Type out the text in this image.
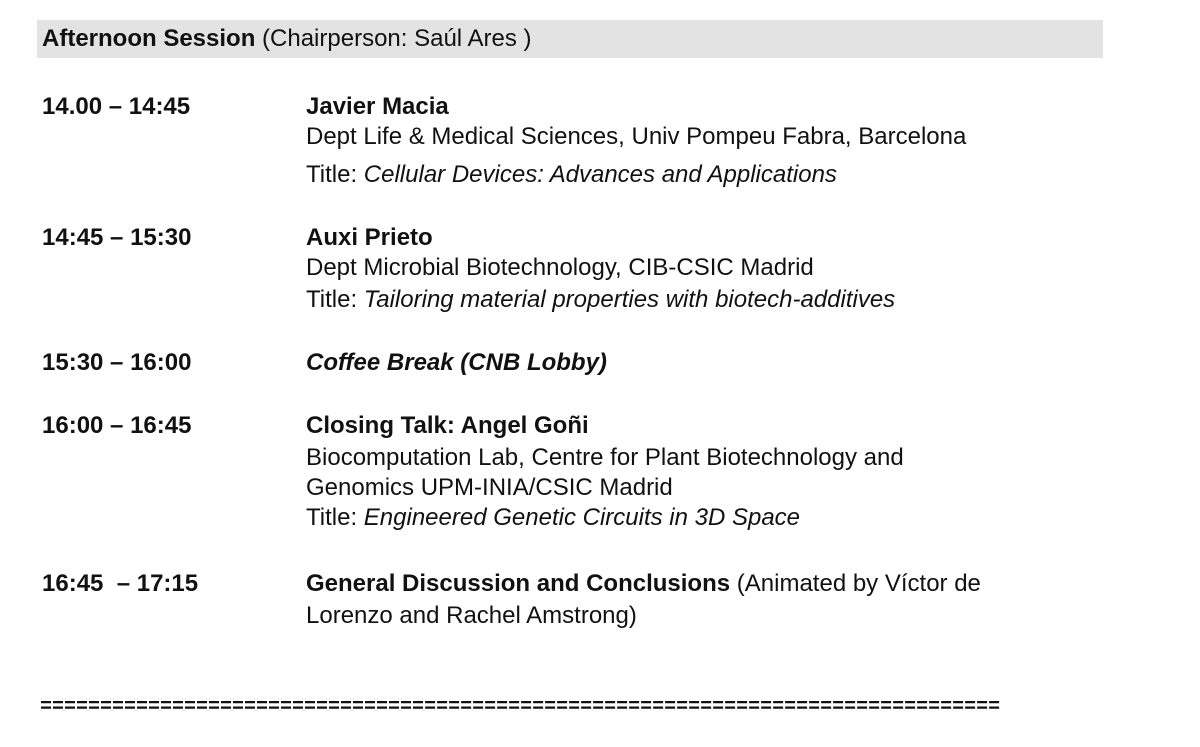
Afternoon Session (Chairperson: Saúl Ares )
14.00 – 14:45	Javier Macia
Dept Life & Medical Sciences, Univ Pompeu Fabra, Barcelona
Title: Cellular Devices: Advances and Applications
14:45 – 15:30	Auxi Prieto
Dept Microbial Biotechnology, CIB-CSIC Madrid
Title: Tailoring material properties with biotech-additives
15:30 – 16:00	Coffee Break (CNB Lobby)
16:00 – 16:45	Closing Talk: Angel Goñi
Biocomputation Lab, Centre for Plant Biotechnology and
Genomics UPM-INIA/CSIC Madrid
Title: Engineered Genetic Circuits in 3D Space
16:45  – 17:15	General Discussion and Conclusions (Animated by Víctor de
Lorenzo and Rachel Amstrong)
================================================================================
